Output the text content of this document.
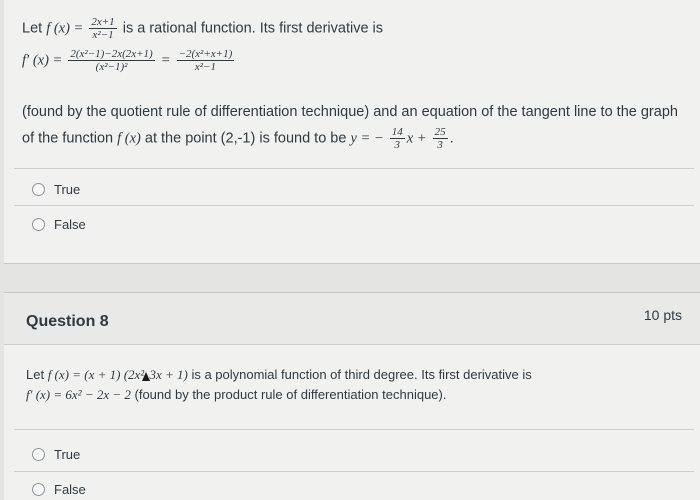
Let f $(x) = \frac{2x+1}{\text{x²−1}}$ is a rational function. Its first derivative is
f′ $(x) = \frac{\text{2(x²−1)−2x(2x+1)}}{\text{(x²−1)²}} = \frac{\text{−2(x²+x+1)}}{\text{x²−1}}$
(found by the quotient rule of differentiation technique) and an equation of the tangent line to the graph
of the function f (x) at the point (2,-1) is found to be y = − $\frac{14}{3}$ $x + \frac{25}{3}$ .
True
False
Question 8	10 pts
Let f (x) = (x + 1) (2x² 3x + 1) is a polynomial function of third degree. Its first derivative is
f′ (x) = 6x² − 2x − 2 (found by the product rule of differentiation technique).
True
False
